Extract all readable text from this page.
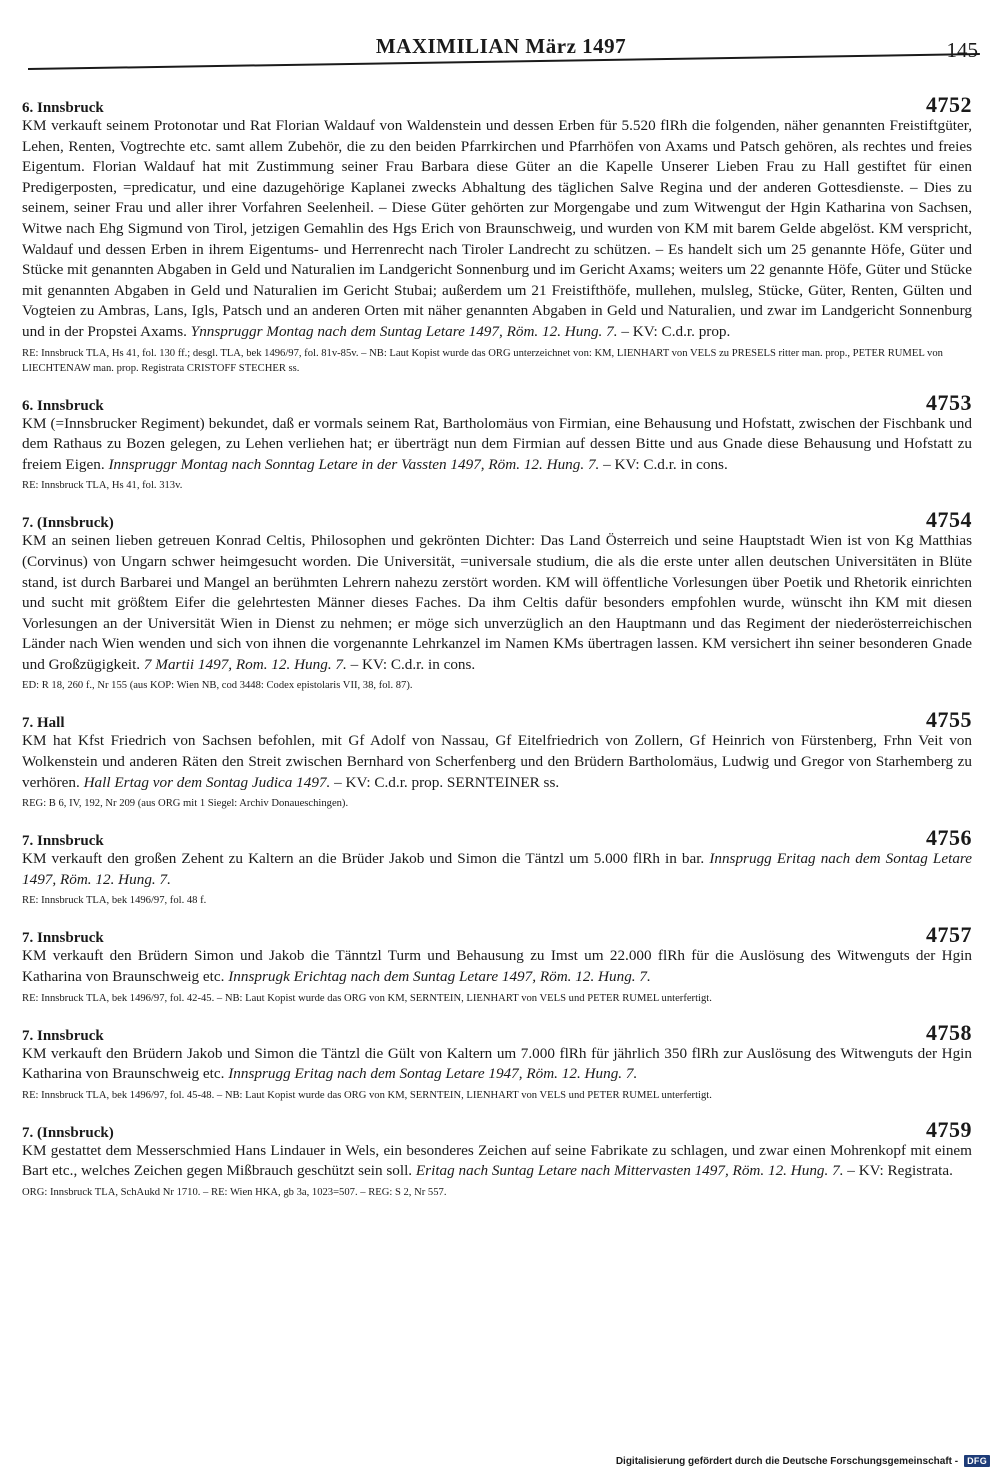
MAXIMILIAN März 1497	145
6. Innsbruck	4752

KM verkauft seinem Protonotar und Rat Florian Waldauf von Waldenstein und dessen Erben für 5.520 flRh die folgenden, näher genannten Freistiftgüter, Lehen, Renten, Vogtrechte etc. samt allem Zubehör, die zu den beiden Pfarrkirchen und Pfarrhöfen von Axams und Patsch gehören, als rechtes und freies Eigentum. Florian Waldauf hat mit Zustimmung seiner Frau Barbara diese Güter an die Kapelle Unserer Lieben Frau zu Hall gestiftet für einen Predigerposten, =predicatur, und eine dazugehörige Kaplanei zwecks Abhaltung des täglichen Salve Regina und der anderen Gottesdienste. – Dies zu seinem, seiner Frau und aller ihrer Vorfahren Seelenheil. – Diese Güter gehörten zur Morgengabe und zum Witwengut der Hgin Katharina von Sachsen, Witwe nach Ehg Sigmund von Tirol, jetzigen Gemahlin des Hgs Erich von Braunschweig, und wurden von KM mit barem Gelde abgelöst. KM verspricht, Waldauf und dessen Erben in ihrem Eigentums- und Herrenrecht nach Tiroler Landrecht zu schützen. – Es handelt sich um 25 genannte Höfe, Güter und Stücke mit genannten Abgaben in Geld und Naturalien im Landgericht Sonnenburg und im Gericht Axams; weiters um 22 genannte Höfe, Güter und Stücke mit genannten Abgaben in Geld und Naturalien im Gericht Stubai; außerdem um 21 Freistifthöfe, mullehen, mulsleg, Stücke, Güter, Renten, Gülten und Vogteien zu Ambras, Lans, Igls, Patsch und an anderen Orten mit näher genannten Abgaben in Geld und Naturalien, und zwar im Landgericht Sonnenburg und in der Propstei Axams. Ynnspruggr Montag nach dem Suntag Letare 1497, Röm. 12. Hung. 7. – KV: C.d.r. prop.

RE: Innsbruck TLA, Hs 41, fol. 130 ff.; desgl. TLA, bek 1496/97, fol. 81v-85v. – NB: Laut Kopist wurde das ORG unterzeichnet von: KM, LIENHART von VELS zu PRESELS ritter man. prop., PETER RUMEL von LIECHTENAW man. prop. Registrata CRISTOFF STECHER ss.

6. Innsbruck	4753

KM (=Innsbrucker Regiment) bekundet, daß er vormals seinem Rat, Bartholomäus von Firmian, eine Behausung und Hofstatt, zwischen der Fischbank und dem Rathaus zu Bozen gelegen, zu Lehen verliehen hat; er überträgt nun dem Firmian auf dessen Bitte und aus Gnade diese Behausung und Hofstatt zu freiem Eigen. Innspruggr Montag nach Sonntag Letare in der Vassten 1497, Röm. 12. Hung. 7. – KV: C.d.r. in cons.

RE: Innsbruck TLA, Hs 41, fol. 313v.

7. (Innsbruck)	4754

KM an seinen lieben getreuen Konrad Celtis, Philosophen und gekrönten Dichter: Das Land Österreich und seine Hauptstadt Wien ist von Kg Matthias (Corvinus) von Ungarn schwer heimgesucht worden. Die Universität, =universale studium, die als die erste unter allen deutschen Universitäten in Blüte stand, ist durch Barbarei und Mangel an berühmten Lehrern nahezu zerstört worden. KM will öffentliche Vorlesungen über Poetik und Rhetorik einrichten und sucht mit größtem Eifer die gelehrtesten Männer dieses Faches. Da ihm Celtis dafür besonders empfohlen wurde, wünscht ihn KM mit diesen Vorlesungen an der Universität Wien in Dienst zu nehmen; er möge sich unverzüglich an den Hauptmann und das Regiment der niederösterreichischen Länder nach Wien wenden und sich von ihnen die vorgenannte Lehrkanzel im Namen KMs übertragen lassen. KM versichert ihn seiner besonderen Gnade und Großzügigkeit. 7 Martii 1497, Rom. 12. Hung. 7. – KV: C.d.r. in cons.

ED: R 18, 260 f., Nr 155 (aus KOP: Wien NB, cod 3448: Codex epistolaris VII, 38, fol. 87).

7. Hall	4755

KM hat Kfst Friedrich von Sachsen befohlen, mit Gf Adolf von Nassau, Gf Eitelfriedrich von Zollern, Gf Heinrich von Fürstenberg, Frhn Veit von Wolkenstein und anderen Räten den Streit zwischen Bernhard von Scherfenberg und den Brüdern Bartholomäus, Ludwig und Gregor von Starhemberg zu verhören. Hall Ertag vor dem Sontag Judica 1497. – KV: C.d.r. prop. SERNTEINER ss.

REG: B 6, IV, 192, Nr 209 (aus ORG mit 1 Siegel: Archiv Donaueschingen).

7. Innsbruck	4756

KM verkauft den großen Zehent zu Kaltern an die Brüder Jakob und Simon die Täntzl um 5.000 flRh in bar. Innsprugg Eritag nach dem Sontag Letare 1497, Röm. 12. Hung. 7.

RE: Innsbruck TLA, bek 1496/97, fol. 48 f.

7. Innsbruck	4757

KM verkauft den Brüdern Simon und Jakob die Tänntzl Turm und Behausung zu Imst um 22.000 flRh für die Auslösung des Witwenguts der Hgin Katharina von Braunschweig etc. Innsprugk Erichtag nach dem Suntag Letare 1497, Röm. 12. Hung. 7.

RE: Innsbruck TLA, bek 1496/97, fol. 42-45. – NB: Laut Kopist wurde das ORG von KM, SERNTEIN, LIENHART von VELS und PETER RUMEL unterfertigt.

7. Innsbruck	4758

KM verkauft den Brüdern Jakob und Simon die Täntzl die Gült von Kaltern um 7.000 flRh für jährlich 350 flRh zur Auslösung des Witwenguts der Hgin Katharina von Braunschweig etc. Innsprugg Eritag nach dem Sontag Letare 1947, Röm. 12. Hung. 7.

RE: Innsbruck TLA, bek 1496/97, fol. 45-48. – NB: Laut Kopist wurde das ORG von KM, SERNTEIN, LIENHART von VELS und PETER RUMEL unterfertigt.

7. (Innsbruck)	4759

KM gestattet dem Messerschmied Hans Lindauer in Wels, ein besonderes Zeichen auf seine Fabrikate zu schlagen, und zwar einen Mohrenkopf mit einem Bart etc., welches Zeichen gegen Mißbrauch geschützt sein soll. Eritag nach Suntag Letare nach Mittervasten 1497, Röm. 12. Hung. 7. – KV: Registrata.

ORG: Innsbruck TLA, SchAukd Nr 1710. – RE: Wien HKA, gb 3a, 1023=507. – REG: S 2, Nr 557.

Digitalisierung gefördert durch die Deutsche Forschungsgemeinschaft -	DFG
